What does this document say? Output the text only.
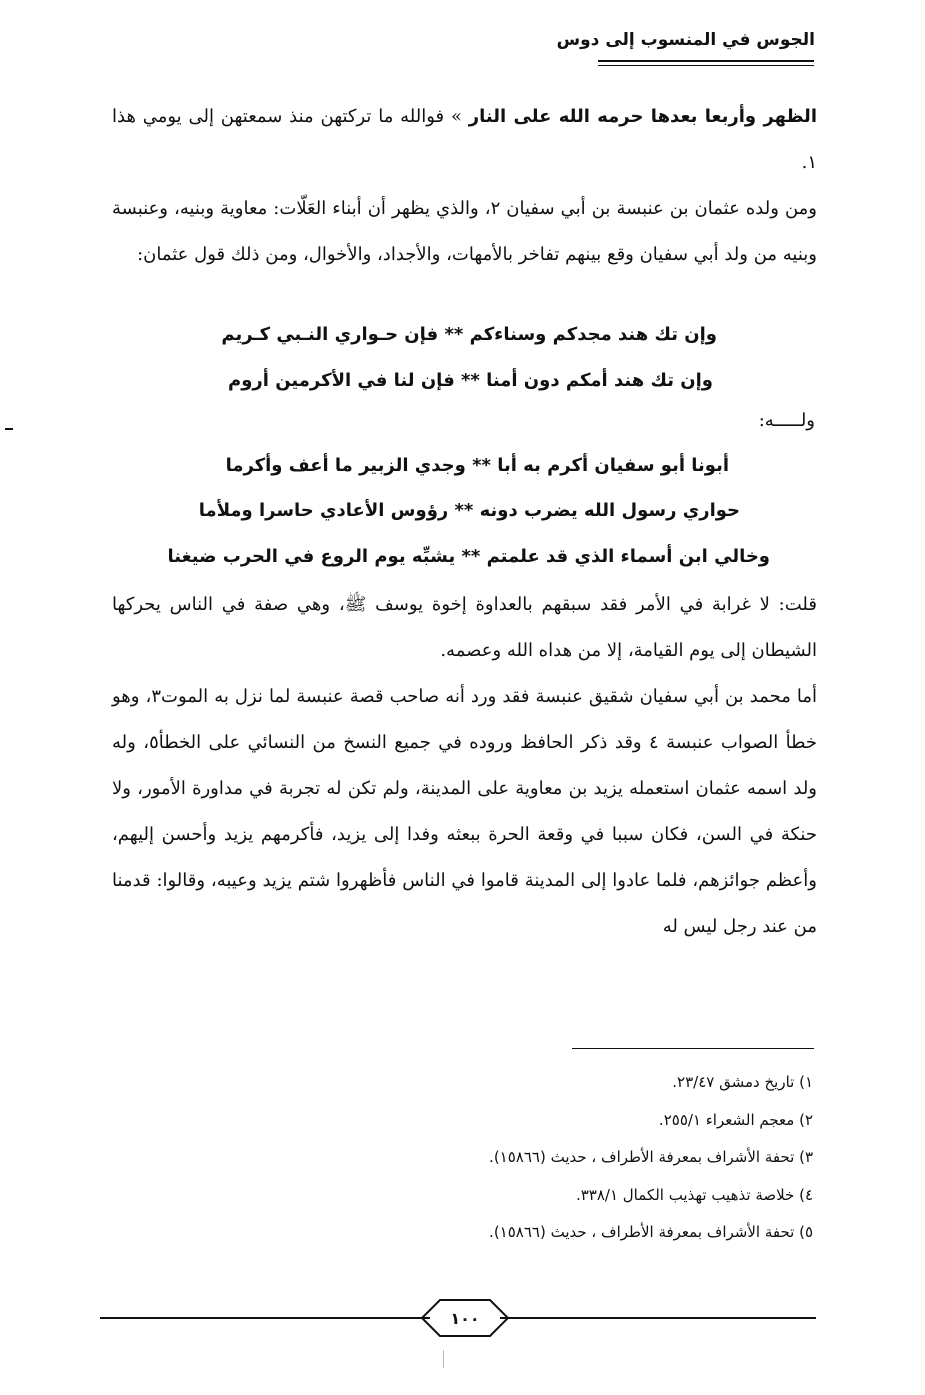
الجوس في المنسوب إلى دوس

الظهر وأربعا بعدها حرمه الله على النار » فوالله ما تركتهن منذ سمعتهن إلى يومي هذا ١.

ومن ولده عثمان بن عنبسة بن أبي سفيان ٢، والذي يظهر أن أبناء العَلّات: معاوية وبنيه، وعنبسة وبنيه من ولد أبي سفيان وقع بينهم تفاخر بالأمهات، والأجداد، والأخوال، ومن ذلك قول عثمان:

وإن تك هند مجدكم وسناءكم ** فإن حـواري النـبي كـريم
وإن تك هند أمكم دون أمنا ** فإن لنا في الأكرمين أروم
ولـــــه:
أبونا أبو سفيان أكرم به أبا ** وجدي الزبير ما أعف وأكرما
حواري رسول الله يضرب دونه ** رؤوس الأعادي حاسرا وملأما
وخالي ابن أسماء الذي قد علمتم ** يشبِّه يوم الروع في الحرب ضيغنا

قلت: لا غرابة في الأمر فقد سبقهم بالعداوة إخوة يوسف ﷺ، وهي صفة في الناس يحركها الشيطان إلى يوم القيامة، إلا من هداه الله وعصمه.

أما محمد بن أبي سفيان شقيق عنبسة فقد ورد أنه صاحب قصة عنبسة لما نزل به الموت٣، وهو خطأ الصواب عنبسة ٤ وقد ذكر الحافظ وروده في جميع النسخ من النسائي على الخطأ٥، وله ولد اسمه عثمان استعمله يزيد بن معاوية على المدينة، ولم تكن له تجربة في مداورة الأمور، ولا حنكة في السن، فكان سببا في وقعة الحرة ببعثه وفدا إلى يزيد، فأكرمهم يزيد وأحسن إليهم، وأعظم جوائزهم، فلما عادوا إلى المدينة قاموا في الناس فأظهروا شتم يزيد وعيبه، وقالوا: قدمنا من عند رجل ليس له

١) تاريخ دمشق ٢٣/٤٧.
٢) معجم الشعراء ٢٥٥/١.
٣) تحفة الأشراف بمعرفة الأطراف ، حديث (١٥٨٦٦).
٤) خلاصة تذهيب تهذيب الكمال ٣٣٨/١.
٥) تحفة الأشراف بمعرفة الأطراف ، حديث (١٥٨٦٦).
١٠٠
